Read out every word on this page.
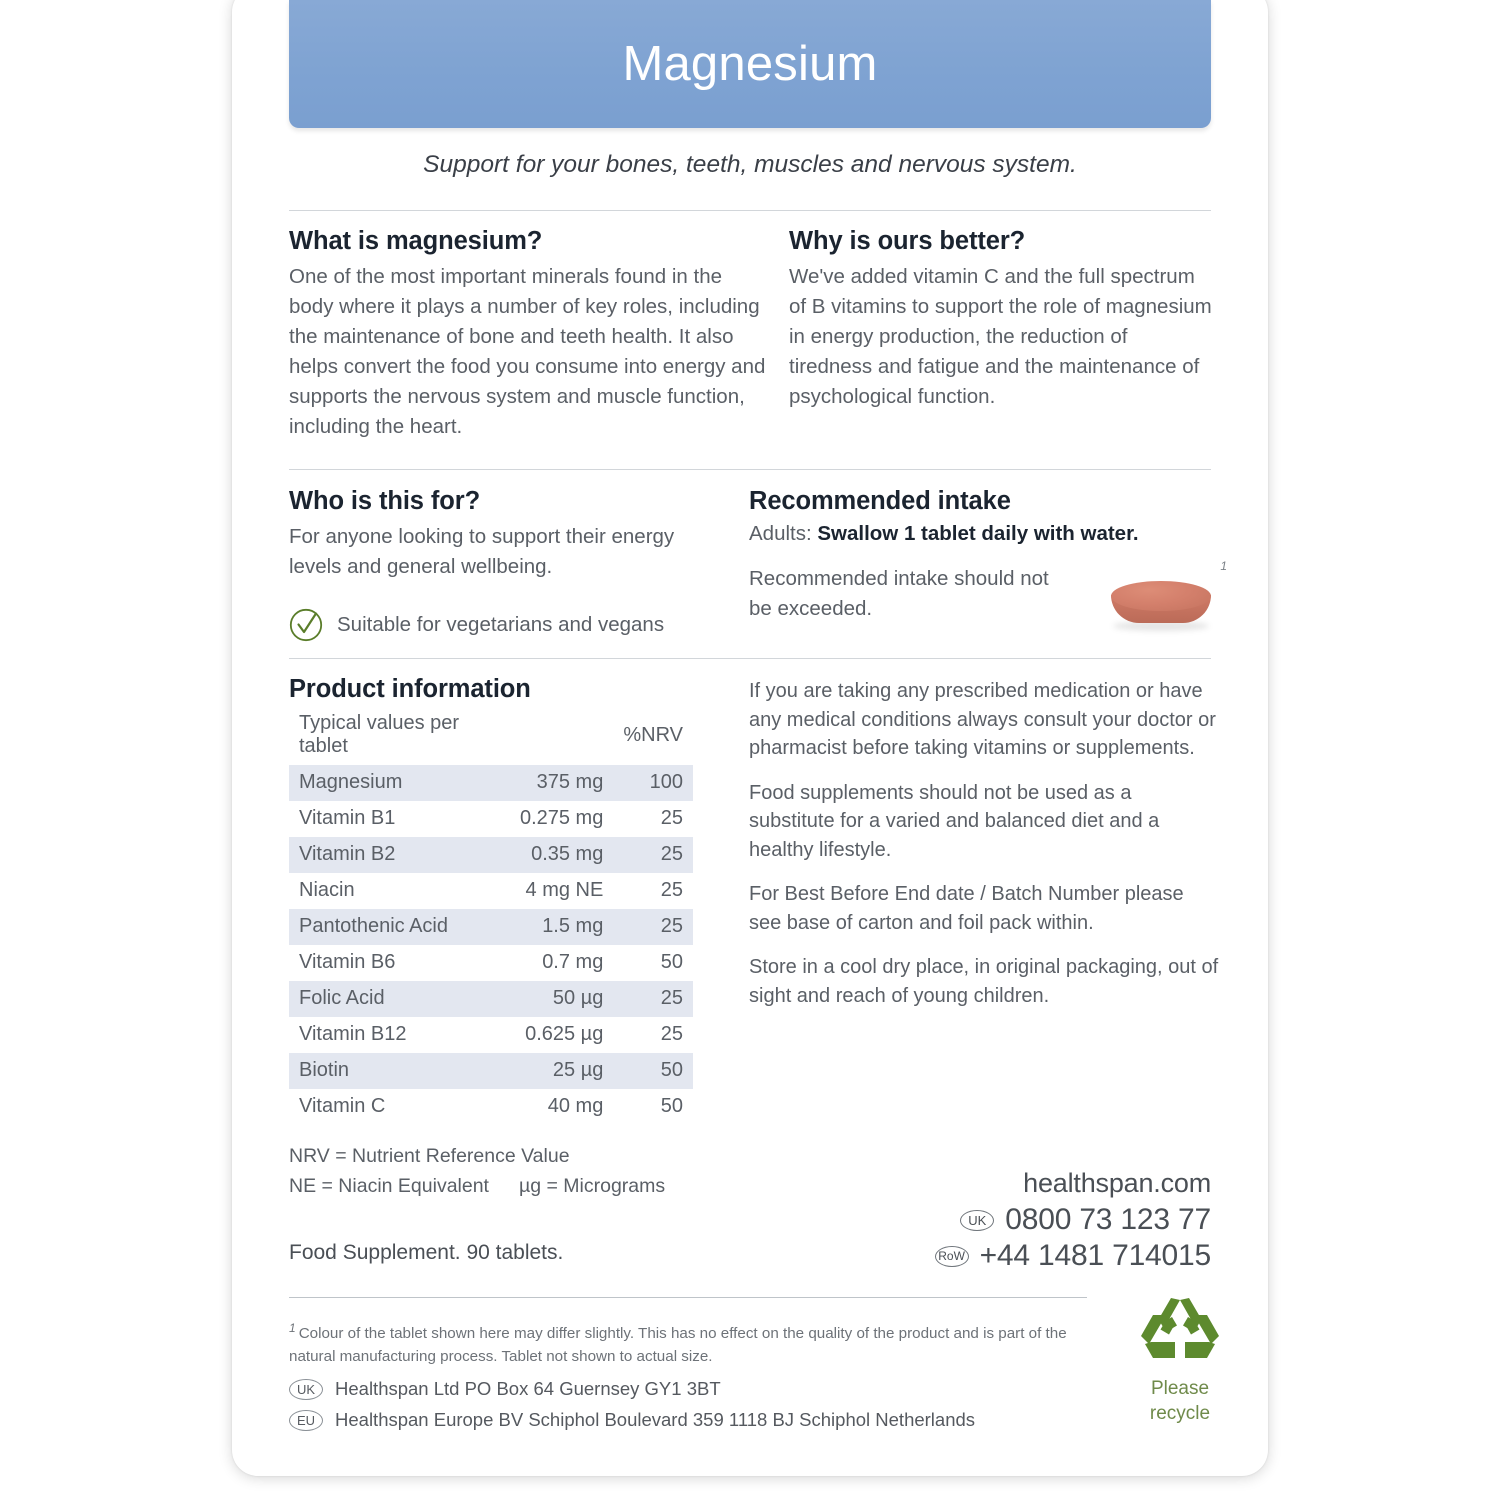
Magnesium
Support for your bones, teeth, muscles and nervous system.
What is magnesium?

One of the most important minerals found in the body where it plays a number of key roles, including the maintenance of bone and teeth health. It also helps convert the food you consume into energy and supports the nervous system and muscle function, including the heart.

Why is ours better?

We've added vitamin C and the full spectrum of B vitamins to support the role of magnesium in energy production, the reduction of tiredness and fatigue and the maintenance of psychological function.

Who is this for?

For anyone looking to support their energy levels and general wellbeing.

Suitable for vegetarians and vegans
Recommended intake

Adults: Swallow 1 tablet daily with water.

Recommended intake should not be exceeded.

1
Product information
Typical values per tablet		%NRV
Magnesium	375 mg	100
Vitamin B1	0.275 mg	25
Vitamin B2	0.35 mg	25
Niacin	4 mg NE	25
Pantothenic Acid	1.5 mg	25
Vitamin B6	0.7 mg	50
Folic Acid	50 µg	25
Vitamin B12	0.625 µg	25
Biotin	25 µg	50
Vitamin C	40 mg	50
NRV = Nutrient Reference Value
NE = Niacin Equivalent µg = Micrograms

If you are taking any prescribed medication or have any medical conditions always consult your doctor or pharmacist before taking vitamins or supplements.

Food supplements should not be used as a substitute for a varied and balanced diet and a healthy lifestyle.

For Best Before End date / Batch Number please see base of carton and foil pack within.

Store in a cool dry place, in original packaging, out of sight and reach of young children.

Food Supplement. 90 tablets.
healthspan.com
UK 0800 73 123 77
RoW +44 1481 714015
$^1$ Colour of the tablet shown here may differ slightly. This has no effect on the quality of the product and is part of the natural manufacturing process. Tablet not shown to actual size.
UK	Healthspan Ltd PO Box 64 Guernsey GY1 3BT
EU	Healthspan Europe BV Schiphol Boulevard 359 1118 BJ Schiphol Netherlands
Please
recycle
